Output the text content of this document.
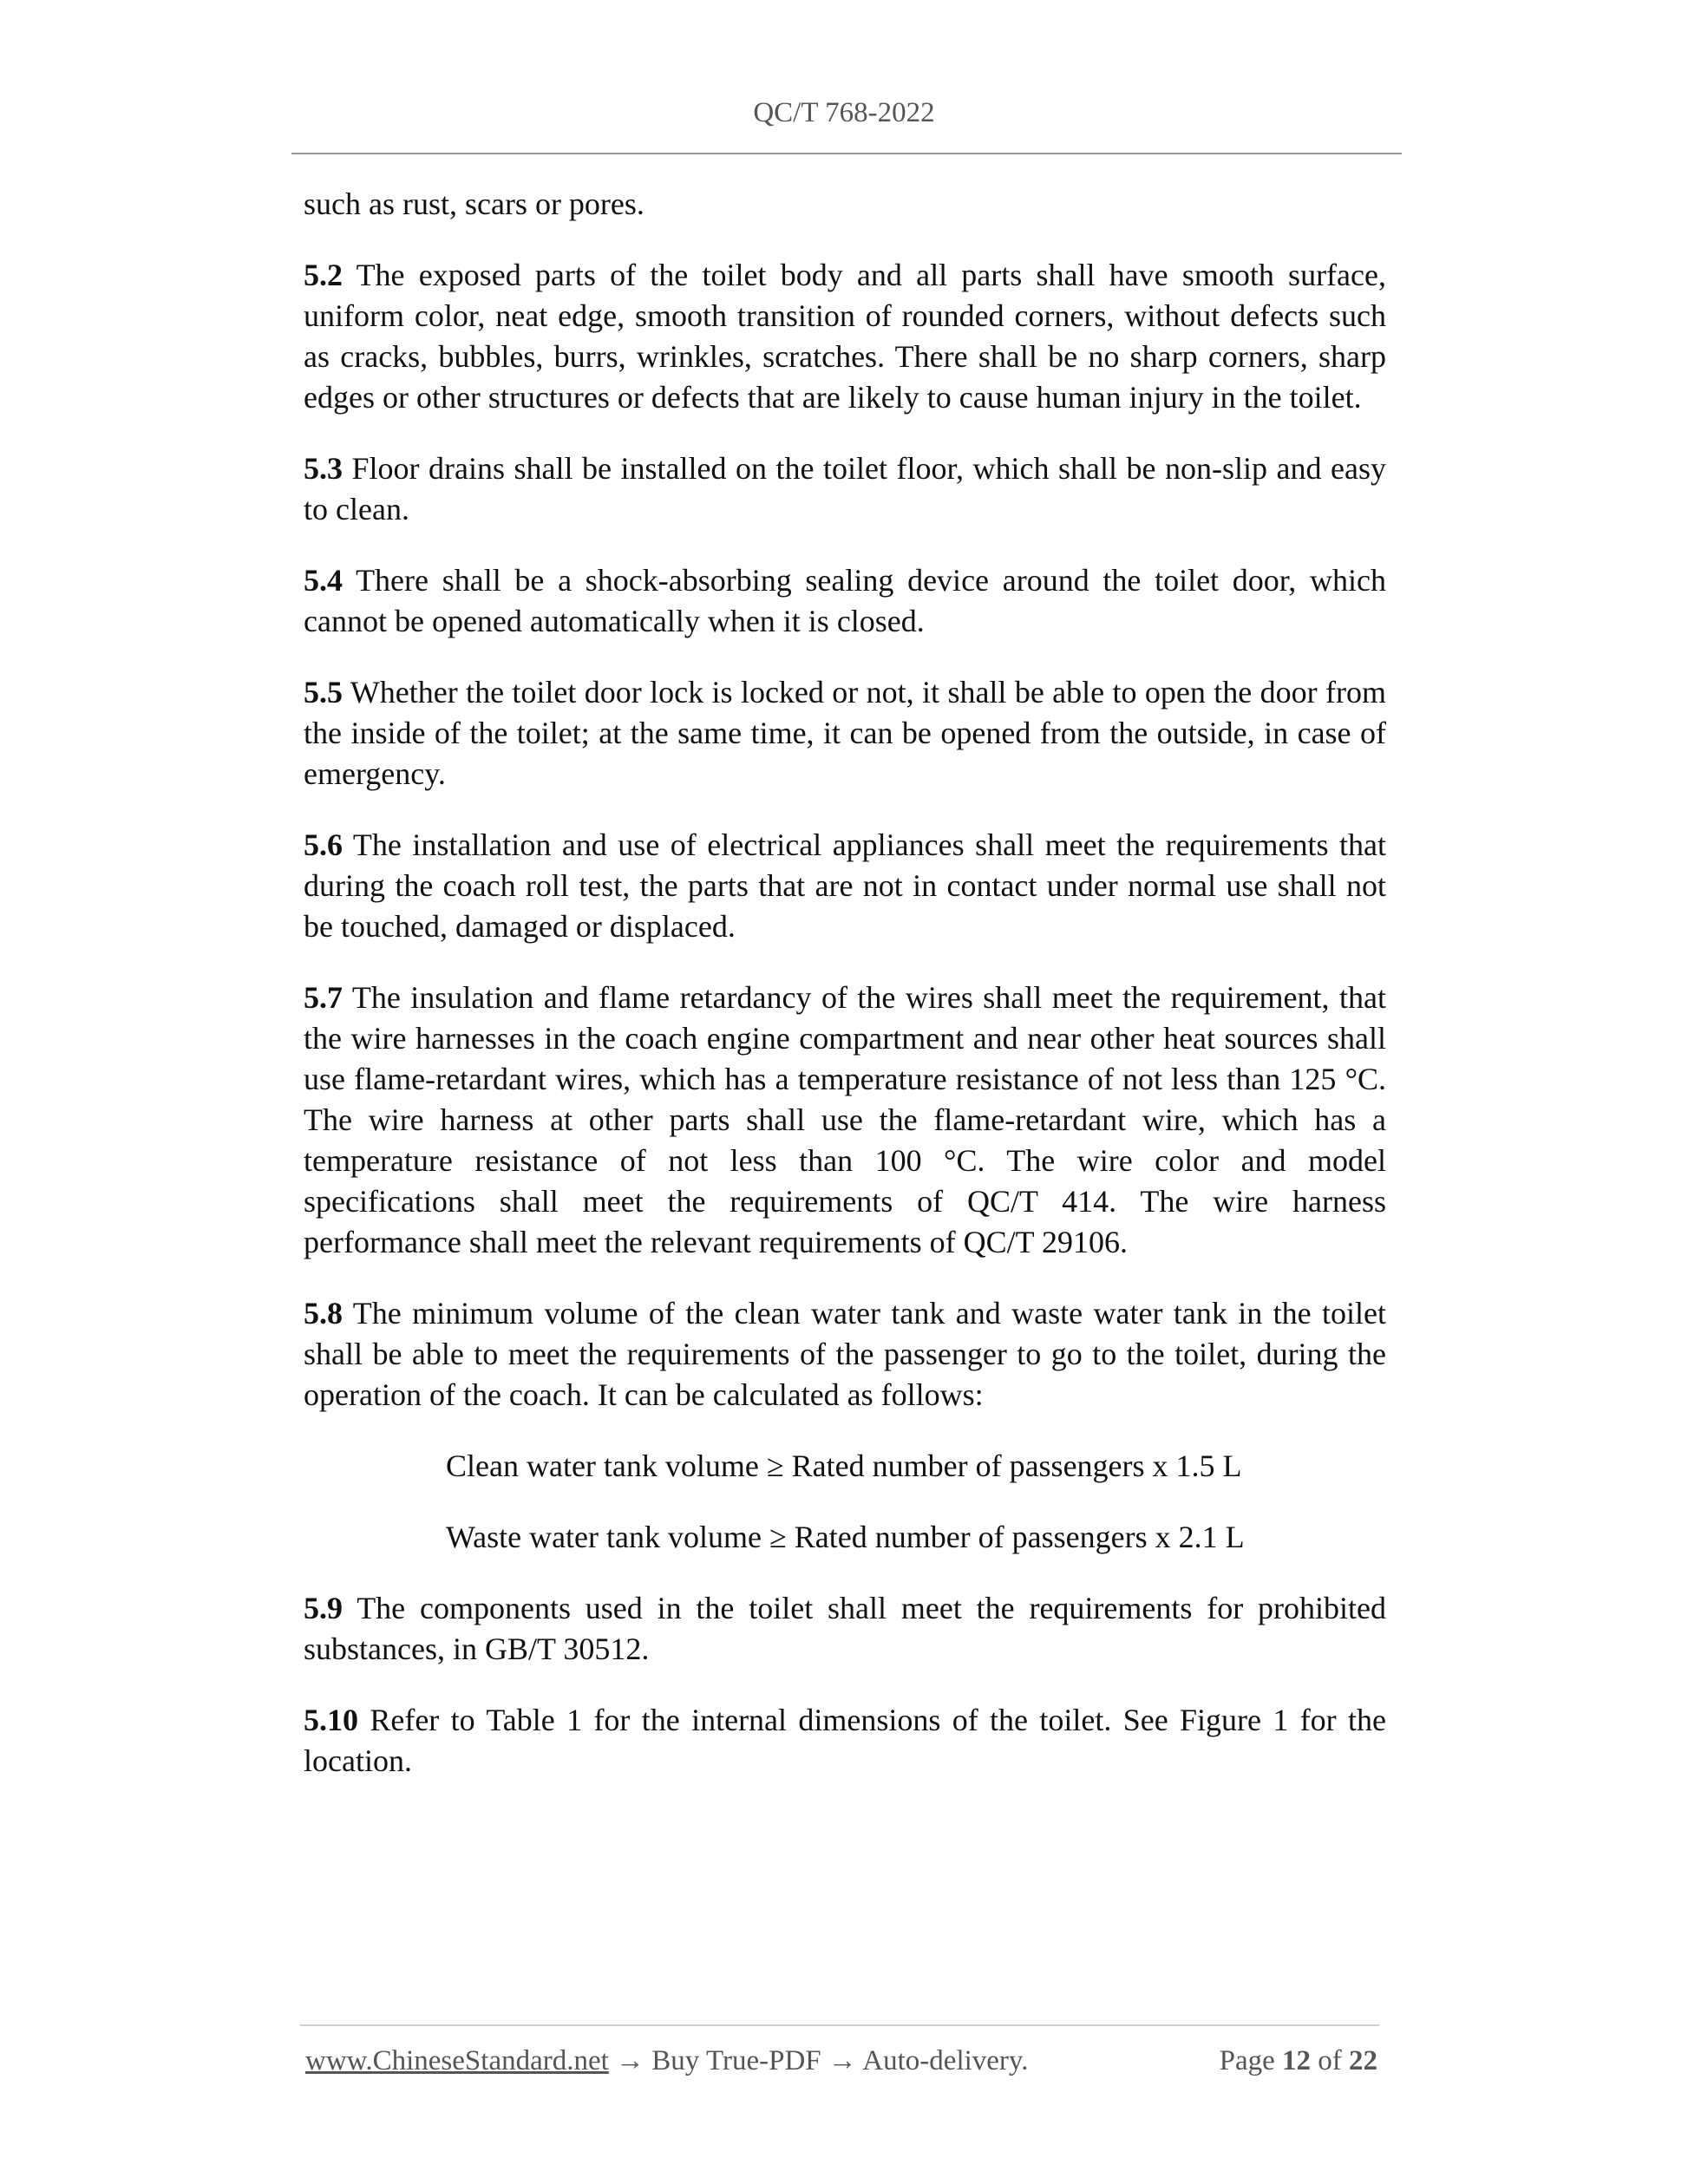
QC/T 768-2022

such as rust, scars or pores.

5.2 The exposed parts of the toilet body and all parts shall have smooth surface, uniform color, neat edge, smooth transition of rounded corners, without defects such as cracks, bubbles, burrs, wrinkles, scratches. There shall be no sharp corners, sharp edges or other structures or defects that are likely to cause human injury in the toilet.

5.3 Floor drains shall be installed on the toilet floor, which shall be non-slip and easy to clean.

5.4 There shall be a shock-absorbing sealing device around the toilet door, which cannot be opened automatically when it is closed.

5.5 Whether the toilet door lock is locked or not, it shall be able to open the door from the inside of the toilet; at the same time, it can be opened from the outside, in case of emergency.

5.6 The installation and use of electrical appliances shall meet the requirements that during the coach roll test, the parts that are not in contact under normal use shall not be touched, damaged or displaced.

5.7 The insulation and flame retardancy of the wires shall meet the requirement, that the wire harnesses in the coach engine compartment and near other heat sources shall use flame-retardant wires, which has a temperature resistance of not less than 125 °C. The wire harness at other parts shall use the flame-retardant wire, which has a temperature resistance of not less than 100 °C. The wire color and model specifications shall meet the requirements of QC/T 414. The wire harness performance shall meet the relevant requirements of QC/T 29106.

5.8 The minimum volume of the clean water tank and waste water tank in the toilet shall be able to meet the requirements of the passenger to go to the toilet, during the operation of the coach. It can be calculated as follows:

Clean water tank volume ≥ Rated number of passengers x 1.5 L

Waste water tank volume ≥ Rated number of passengers x 2.1 L

5.9 The components used in the toilet shall meet the requirements for prohibited substances, in GB/T 30512.

5.10 Refer to Table 1 for the internal dimensions of the toilet. See Figure 1 for the location.

www.ChineseStandard.net → Buy True-PDF → Auto-delivery.	Page 12 of 22
